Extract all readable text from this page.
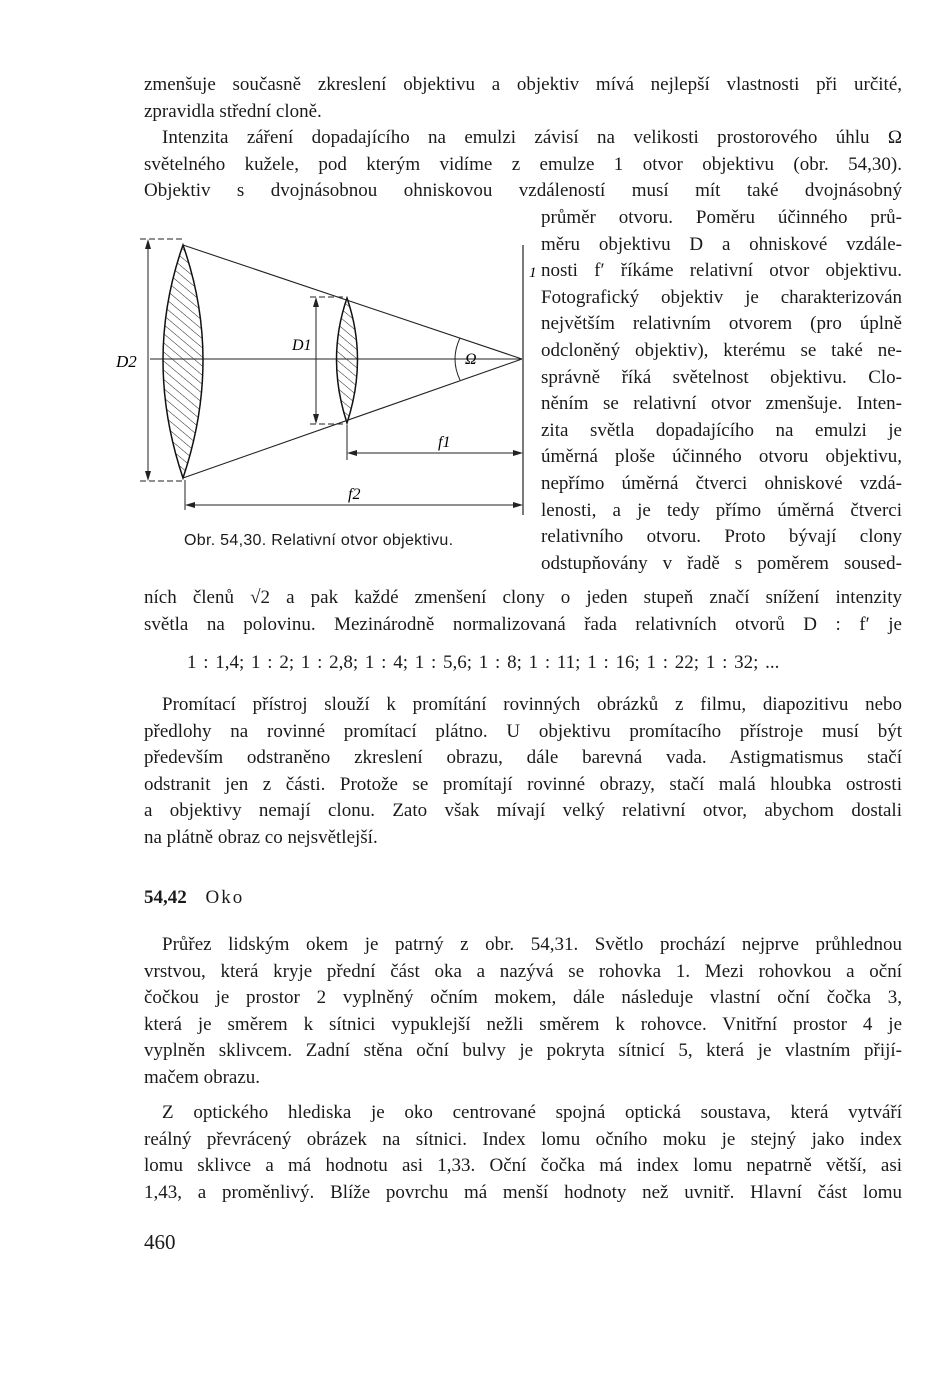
zmenšuje současně zkreslení objektivu a objektiv mívá nejlepší vlastnosti při určité,
zpravidla střední cloně.
Intenzita záření dopadajícího na emulzi závisí na velikosti prostorového úhlu Ω
světelného kužele, pod kterým vidíme z emulze 1 otvor objektivu (obr. 54,30).
Objektiv s dvojnásobnou ohniskovou vzdáleností musí mít také dvojnásobný
průměr otvoru. Poměru účinného prů-
měru objektivu D a ohniskové vzdále-
nosti f′ říkáme relativní otvor objektivu.
Fotografický objektiv je charakterizován
největším relativním otvorem (pro úplně
odcloněný objektiv), kterému se také ne-
správně říká světelnost objektivu. Clo-
něním se relativní otvor zmenšuje. Inten-
zita světla dopadajícího na emulzi je
úměrná ploše účinného otvoru objektivu,
nepřímo úměrná čtverci ohniskové vzdá-
lenosti, a je tedy přímo úměrná čtverci
relativního otvoru. Proto bývají clony
odstupňovány v řadě s poměrem soused-
D2
D1
Ω
f1
f2
1
Obr. 54,30. Relativní otvor objektivu.
ních členů √2 a pak každé zmenšení clony o jeden stupeň značí snížení intenzity
světla na polovinu. Mezinárodně normalizovaná řada relativních otvorů D : f′ je
1 : 1,4; 1 : 2; 1 : 2,8; 1 : 4; 1 : 5,6; 1 : 8; 1 : 11; 1 : 16; 1 : 22; 1 : 32; ...
Promítací přístroj slouží k promítání rovinných obrázků z filmu, diapozitivu nebo
předlohy na rovinné promítací plátno. U objektivu promítacího přístroje musí být
především odstraněno zkreslení obrazu, dále barevná vada. Astigmatismus stačí
odstranit jen z části. Protože se promítají rovinné obrazy, stačí malá hloubka ostrosti
a objektivy nemají clonu. Zato však mívají velký relativní otvor, abychom dostali
na plátně obraz co nejsvětlejší.
54,42 Oko
Průřez lidským okem je patrný z obr. 54,31. Světlo prochází nejprve průhlednou
vrstvou, která kryje přední část oka a nazývá se rohovka 1. Mezi rohovkou a oční
čočkou je prostor 2 vyplněný očním mokem, dále následuje vlastní oční čočka 3,
která je směrem k sítnici vypuklejší nežli směrem k rohovce. Vnitřní prostor 4 je
vyplněn sklivcem. Zadní stěna oční bulvy je pokryta sítnicí 5, která je vlastním přijí-
mačem obrazu.
Z optického hlediska je oko centrované spojná optická soustava, která vytváří
reálný převrácený obrázek na sítnici. Index lomu očního moku je stejný jako index
lomu sklivce a má hodnotu asi 1,33. Oční čočka má index lomu nepatrně větší, asi
1,43, a proměnlivý. Blíže povrchu má menší hodnoty než uvnitř. Hlavní část lomu
460
